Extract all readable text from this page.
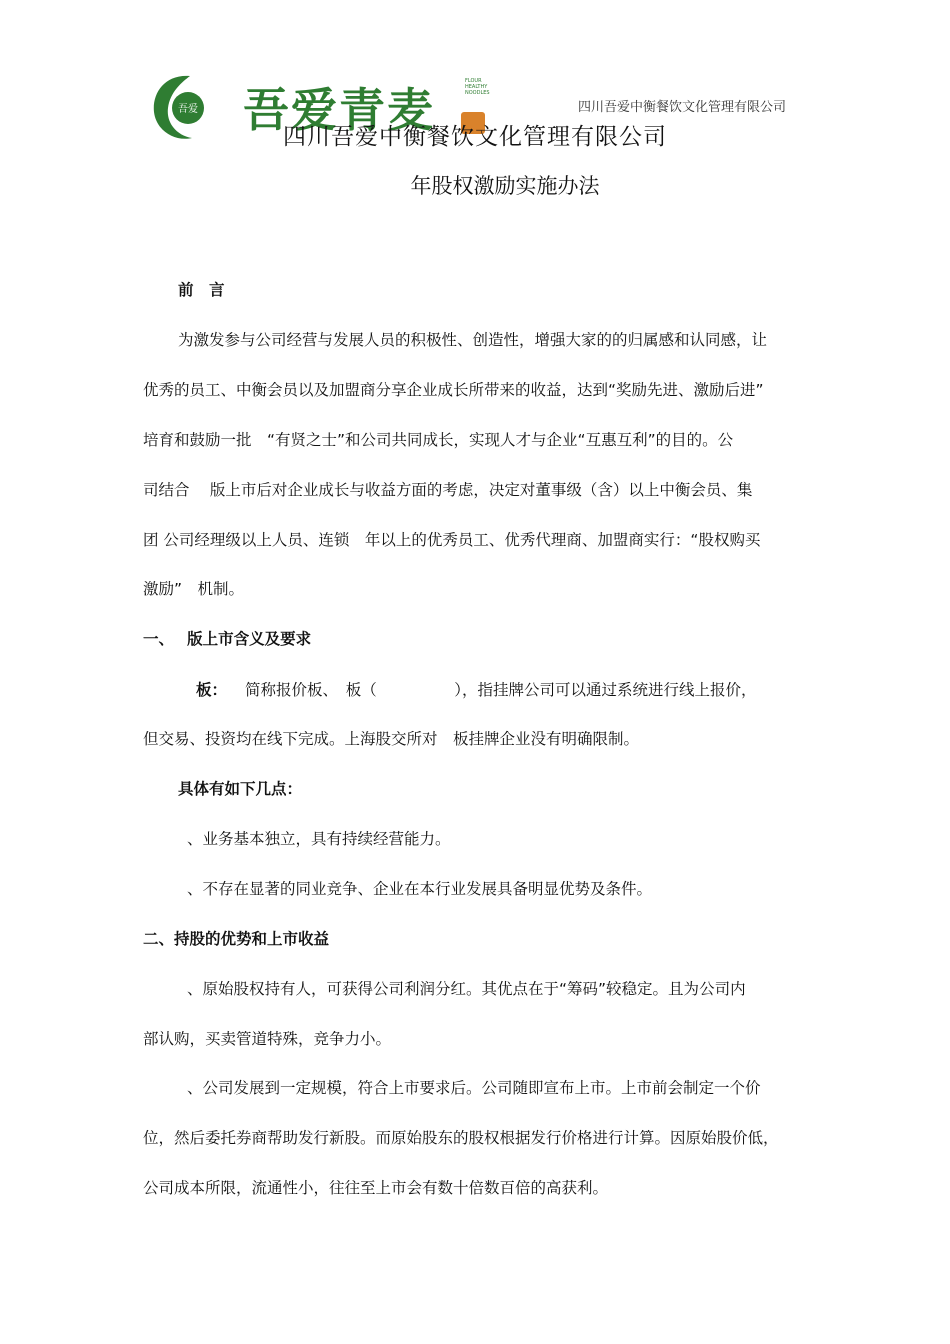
吾爱 吾爱青麦
FLOUR HEALTHY NOODLES
四川吾爱中衡餐饮文化管理有限公司
四川吾爱中衡餐饮文化管理有限公司
年股权激励实施办法
前　言
为激发参与公司经营与发展人员的积极性、创造性，增强大家的的归属感和认同感，让
优秀的员工、中衡会员以及加盟商分享企业成长所带来的收益，达到“奖励先进、激励后进”
培育和鼓励一批　“有贤之士”和公司共同成长，实现人才与企业“互惠互利”的目的。公
司结合　 版上市后对企业成长与收益方面的考虑，决定对董事级（含）以上中衡会员、集
团 公司经理级以上人员、连锁　年以上的优秀员工、优秀代理商、加盟商实行：“股权购买
激励”　机制。
一、　 版上市含义及要求
板： 简称报价板、　板（　　　　　），指挂牌公司可以通过系统进行线上报价，
但交易、投资均在线下完成。上海股交所对　板挂牌企业没有明确限制。
具体有如下几点：
、业务基本独立，具有持续经营能力。
、不存在显著的同业竞争、企业在本行业发展具备明显优势及条件。
二、持股的优势和上市收益
、原始股权持有人，可获得公司利润分红。其优点在于“筹码”较稳定。且为公司内
部认购，买卖管道特殊，竞争力小。
、公司发展到一定规模，符合上市要求后。公司随即宣布上市。上市前会制定一个价
位，然后委托券商帮助发行新股。而原始股东的股权根据发行价格进行计算。因原始股价低，
公司成本所限，流通性小，往往至上市会有数十倍数百倍的高获利。
